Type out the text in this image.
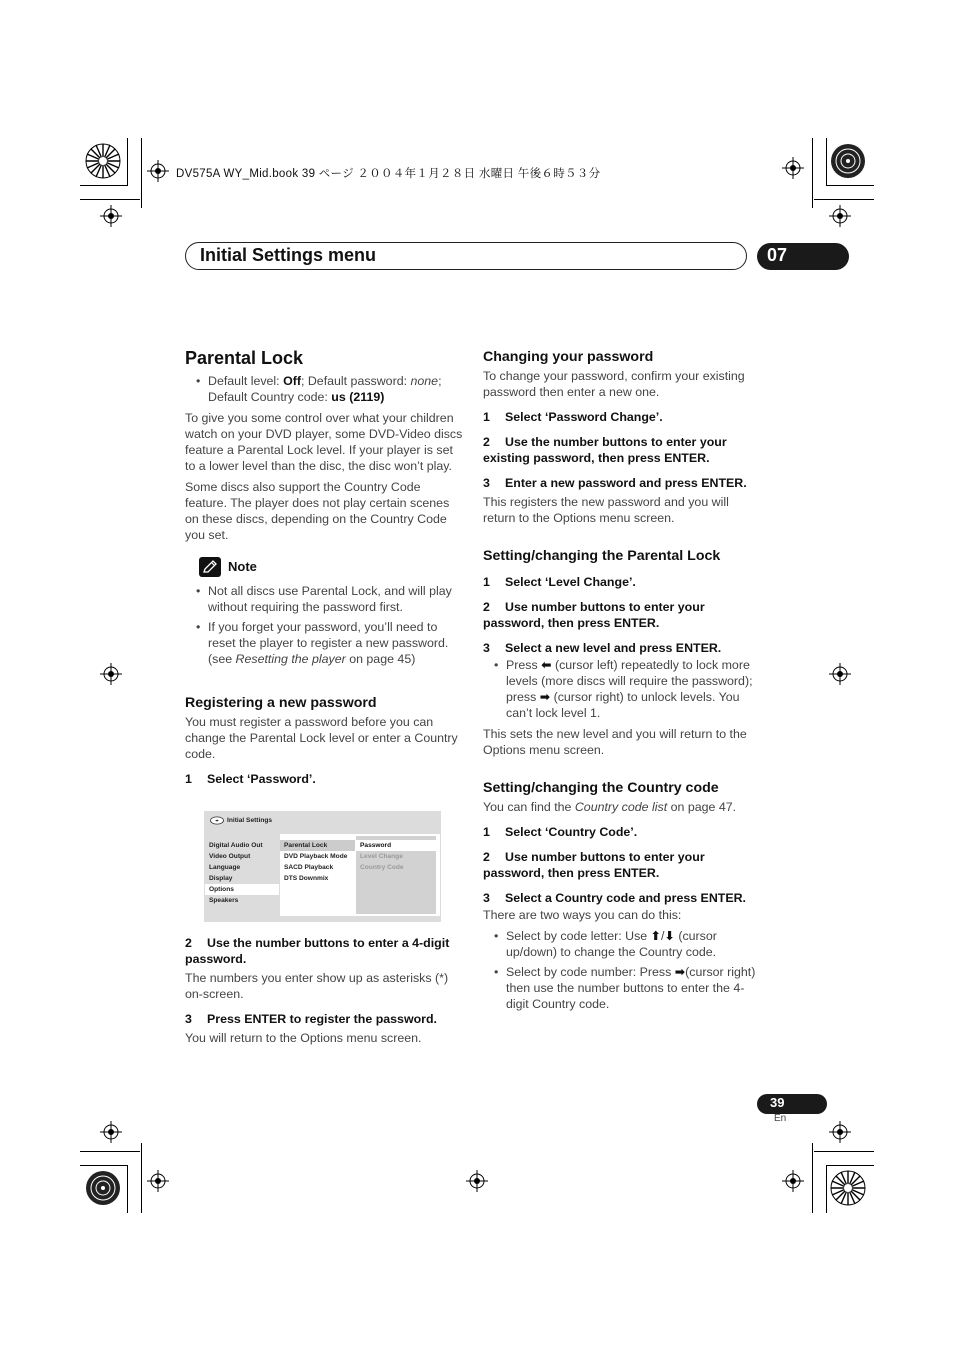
DV575A WY_Mid.book 39 ページ ２００４年１月２８日 水曜日 午後６時５３分
Initial Settings menu	07
Parental Lock
• Default level: Off; Default password: none; Default Country code: us (2119)

To give you some control over what your children watch on your DVD player, some DVD-Video discs feature a Parental Lock level. If your player is set to a lower level than the disc, the disc won’t play.

Some discs also support the Country Code feature. The player does not play certain scenes on these discs, depending on the Country Code you set.

Note
• Not all discs use Parental Lock, and will play without requiring the password first.
• If you forget your password, you’ll need to reset the player to register a new password. (see Resetting the player on page 45)
Registering a new password

You must register a password before you can change the Parental Lock level or enter a Country code.

1 Select ‘Password’.
Initial Settings
Digital Audio Out
Video Output
Language
Display
Options
Speakers
Parental Lock
DVD Playback Mode
SACD Playback
DTS Downmix
Password
Level Change
Country Code
2 Use the number buttons to enter a 4-digit password.

The numbers you enter show up as asterisks (*) on-screen.

3 Press ENTER to register the password.

You will return to the Options menu screen.

Changing your password

To change your password, confirm your existing password then enter a new one.

1 Select ‘Password Change’.
2 Use the number buttons to enter your existing password, then press ENTER.
3 Enter a new password and press ENTER.

This registers the new password and you will return to the Options menu screen.

Setting/changing the Parental Lock
1 Select ‘Level Change’.
2 Use number buttons to enter your password, then press ENTER.
3 Select a new level and press ENTER.
• Press ⬅ (cursor left) repeatedly to lock more levels (more discs will require the password); press ➡ (cursor right) to unlock levels. You can’t lock level 1.

This sets the new level and you will return to the Options menu screen.

Setting/changing the Country code

You can find the Country code list on page 47.

1 Select ‘Country Code’.
2 Use number buttons to enter your password, then press ENTER.
3 Select a Country code and press ENTER.

There are two ways you can do this:

• Select by code letter: Use ⬆/⬇ (cursor up/down) to change the Country code.
• Select by code number: Press ➡(cursor right) then use the number buttons to enter the 4-digit Country code.
39
En
